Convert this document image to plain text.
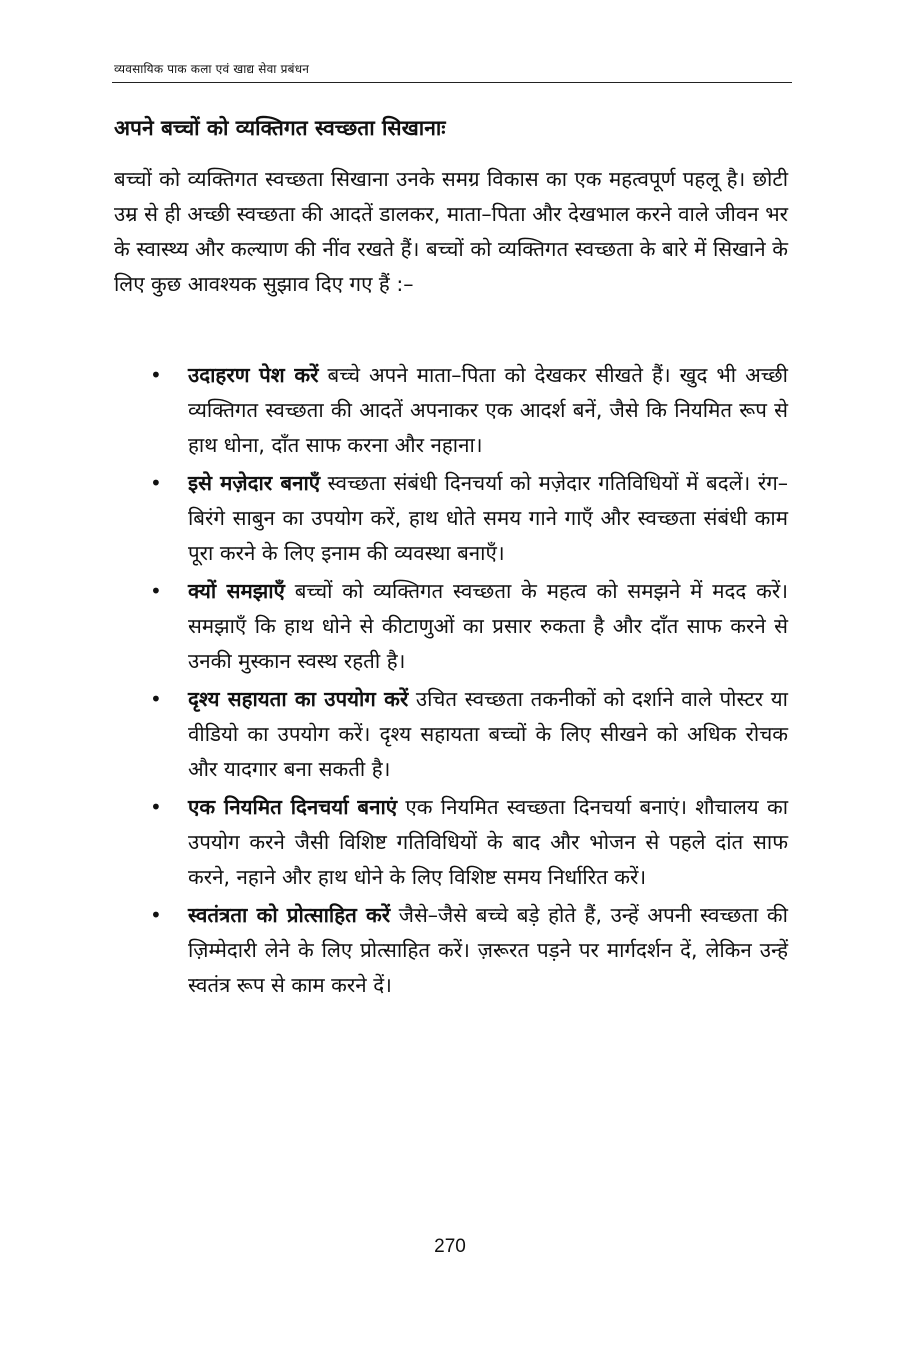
व्यवसायिक पाक कला एवं खाद्य सेवा प्रबंधन
अपने बच्चों को व्यक्तिगत स्वच्छता सिखानाः

बच्चों को व्यक्तिगत स्वच्छता सिखाना उनके समग्र विकास का एक महत्वपूर्ण पहलू है। छोटी उम्र से ही अच्छी स्वच्छता की आदतें डालकर, माता–पिता और देखभाल करने वाले जीवन भर के स्वास्थ्य और कल्याण की नींव रखते हैं। बच्चों को व्यक्तिगत स्वच्छता के बारे में सिखाने के लिए कुछ आवश्यक सुझाव दिए गए हैं :–

• उदाहरण पेश करें बच्चे अपने माता–पिता को देखकर सीखते हैं। खुद भी अच्छी व्यक्तिगत स्वच्छता की आदतें अपनाकर एक आदर्श बनें, जैसे कि नियमित रूप से हाथ धोना, दाँत साफ करना और नहाना।
• इसे मज़ेदार बनाएँ स्वच्छता संबंधी दिनचर्या को मज़ेदार गतिविधियों में बदलें। रंग–बिरंगे साबुन का उपयोग करें, हाथ धोते समय गाने गाएँ और स्वच्छता संबंधी काम पूरा करने के लिए इनाम की व्यवस्था बनाएँ।
• क्यों समझाएँ बच्चों को व्यक्तिगत स्वच्छता के महत्व को समझने में मदद करें। समझाएँ कि हाथ धोने से कीटाणुओं का प्रसार रुकता है और दाँत साफ करने से उनकी मुस्कान स्वस्थ रहती है।
• दृश्य सहायता का उपयोग करें उचित स्वच्छता तकनीकों को दर्शाने वाले पोस्टर या वीडियो का उपयोग करें। दृश्य सहायता बच्चों के लिए सीखने को अधिक रोचक और यादगार बना सकती है।
• एक नियमित दिनचर्या बनाएं एक नियमित स्वच्छता दिनचर्या बनाएं। शौचालय का उपयोग करने जैसी विशिष्ट गतिविधियों के बाद और भोजन से पहले दांत साफ करने, नहाने और हाथ धोने के लिए विशिष्ट समय निर्धारित करें।
• स्वतंत्रता को प्रोत्साहित करें जैसे–जैसे बच्चे बड़े होते हैं, उन्हें अपनी स्वच्छता की ज़िम्मेदारी लेने के लिए प्रोत्साहित करें। ज़रूरत पड़ने पर मार्गदर्शन दें, लेकिन उन्हें स्वतंत्र रूप से काम करने दें।
270
